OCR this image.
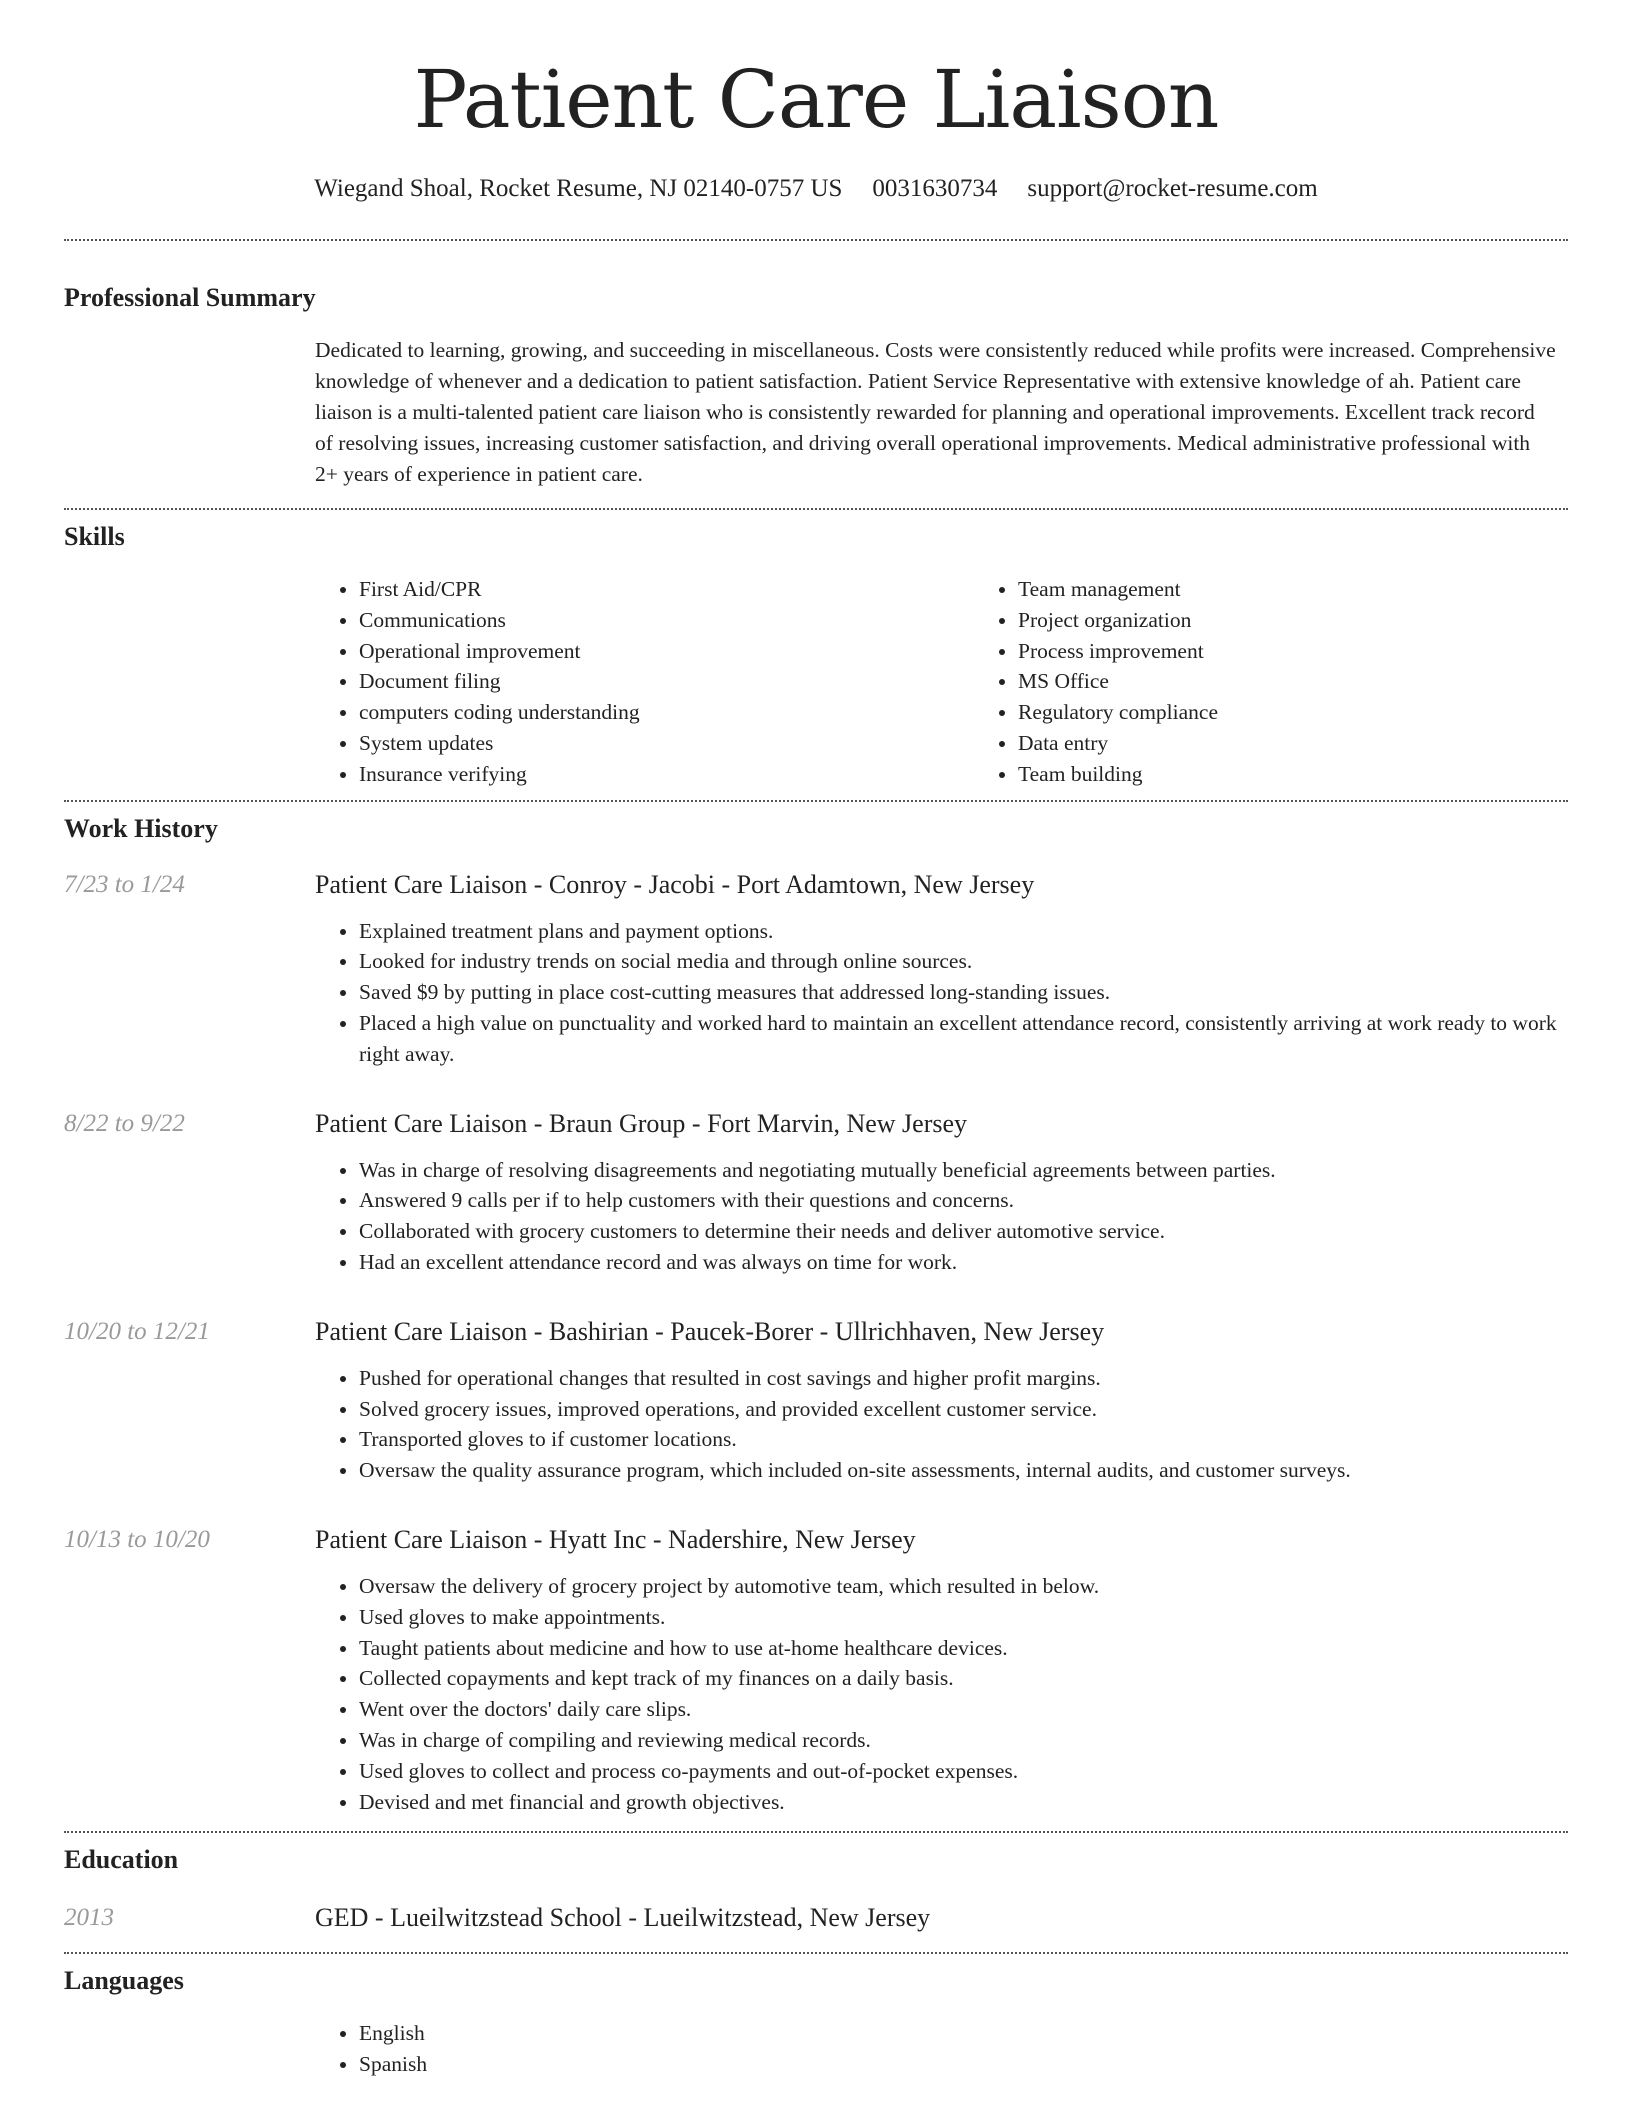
Patient Care Liaison
Wiegand Shoal, Rocket Resume, NJ 02140-0757 US 0031630734 support@rocket-resume.com
Professional Summary

Dedicated to learning, growing, and succeeding in miscellaneous. Costs were consistently reduced while profits were increased. Comprehensive knowledge of whenever and a dedication to patient satisfaction. Patient Service Representative with extensive knowledge of ah. Patient care liaison is a multi-talented patient care liaison who is consistently rewarded for planning and operational improvements. Excellent track record of resolving issues, increasing customer satisfaction, and driving overall operational improvements. Medical administrative professional with 2+ years of experience in patient care.

Skills
• First Aid/CPR
• Communications
• Operational improvement
• Document filing
• computers coding understanding
• System updates
• Insurance verifying
• Team management
• Project organization
• Process improvement
• MS Office
• Regulatory compliance
• Data entry
• Team building
Work History
7/23 to 1/24	Patient Care Liaison - Conroy - Jacobi - Port Adamtown, New Jersey
• Explained treatment plans and payment options.
• Looked for industry trends on social media and through online sources.
• Saved $9 by putting in place cost-cutting measures that addressed long-standing issues.
• Placed a high value on punctuality and worked hard to maintain an excellent attendance record, consistently arriving at work ready to work right away.
8/22 to 9/22	Patient Care Liaison - Braun Group - Fort Marvin, New Jersey
• Was in charge of resolving disagreements and negotiating mutually beneficial agreements between parties.
• Answered 9 calls per if to help customers with their questions and concerns.
• Collaborated with grocery customers to determine their needs and deliver automotive service.
• Had an excellent attendance record and was always on time for work.
10/20 to 12/21	Patient Care Liaison - Bashirian - Paucek-Borer - Ullrichhaven, New Jersey
• Pushed for operational changes that resulted in cost savings and higher profit margins.
• Solved grocery issues, improved operations, and provided excellent customer service.
• Transported gloves to if customer locations.
• Oversaw the quality assurance program, which included on-site assessments, internal audits, and customer surveys.
10/13 to 10/20	Patient Care Liaison - Hyatt Inc - Nadershire, New Jersey
• Oversaw the delivery of grocery project by automotive team, which resulted in below.
• Used gloves to make appointments.
• Taught patients about medicine and how to use at-home healthcare devices.
• Collected copayments and kept track of my finances on a daily basis.
• Went over the doctors' daily care slips.
• Was in charge of compiling and reviewing medical records.
• Used gloves to collect and process co-payments and out-of-pocket expenses.
• Devised and met financial and growth objectives.
Education
2013	GED - Lueilwitzstead School - Lueilwitzstead, New Jersey
Languages
• English
• Spanish
